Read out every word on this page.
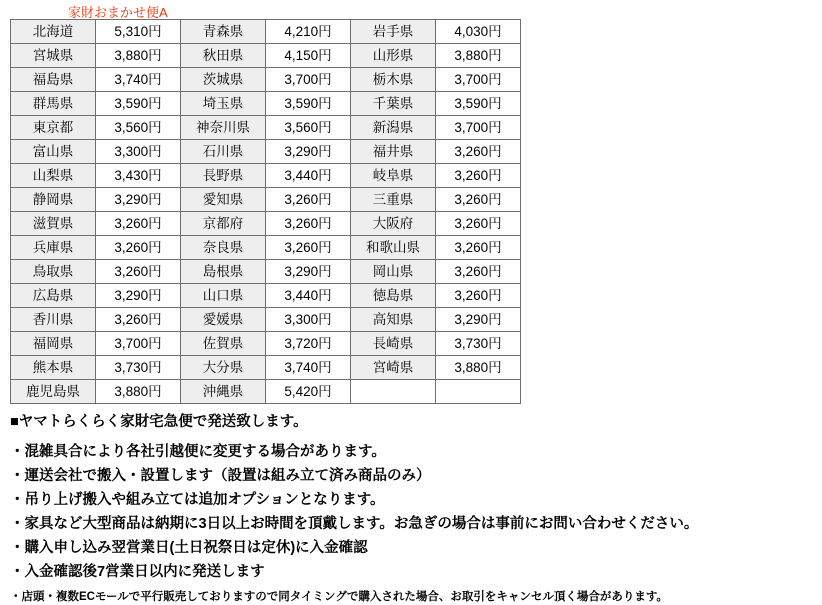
家財おまかせ便A
北海道	5,310円	青森県	4,210円	岩手県	4,030円
宮城県	3,880円	秋田県	4,150円	山形県	3,880円
福島県	3,740円	茨城県	3,700円	栃木県	3,700円
群馬県	3,590円	埼玉県	3,590円	千葉県	3,590円
東京都	3,560円	神奈川県	3,560円	新潟県	3,700円
富山県	3,300円	石川県	3,290円	福井県	3,260円
山梨県	3,430円	長野県	3,440円	岐阜県	3,260円
静岡県	3,290円	愛知県	3,260円	三重県	3,260円
滋賀県	3,260円	京都府	3,260円	大阪府	3,260円
兵庫県	3,260円	奈良県	3,260円	和歌山県	3,260円
鳥取県	3,260円	島根県	3,290円	岡山県	3,260円
広島県	3,290円	山口県	3,440円	徳島県	3,260円
香川県	3,260円	愛媛県	3,300円	高知県	3,290円
福岡県	3,700円	佐賀県	3,720円	長崎県	3,730円
熊本県	3,730円	大分県	3,740円	宮崎県	3,880円
鹿児島県	3,880円	沖縄県	5,420円		

■ヤマトらくらく家財宅急便で発送致します。

・混雑具合により各社引越便に変更する場合があります。

・運送会社で搬入・設置します（設置は組み立て済み商品のみ）

・吊り上げ搬入や組み立ては追加オプションとなります。

・家具など大型商品は納期に3日以上お時間を頂戴します。お急ぎの場合は事前にお問い合わせください。

・購入申し込み翌営業日(土日祝祭日は定休)に入金確認

・入金確認後7営業日以内に発送します

・店頭・複数ECモールで平行販売しておりますので同タイミングで購入された場合、お取引をキャンセル頂く場合があります。
